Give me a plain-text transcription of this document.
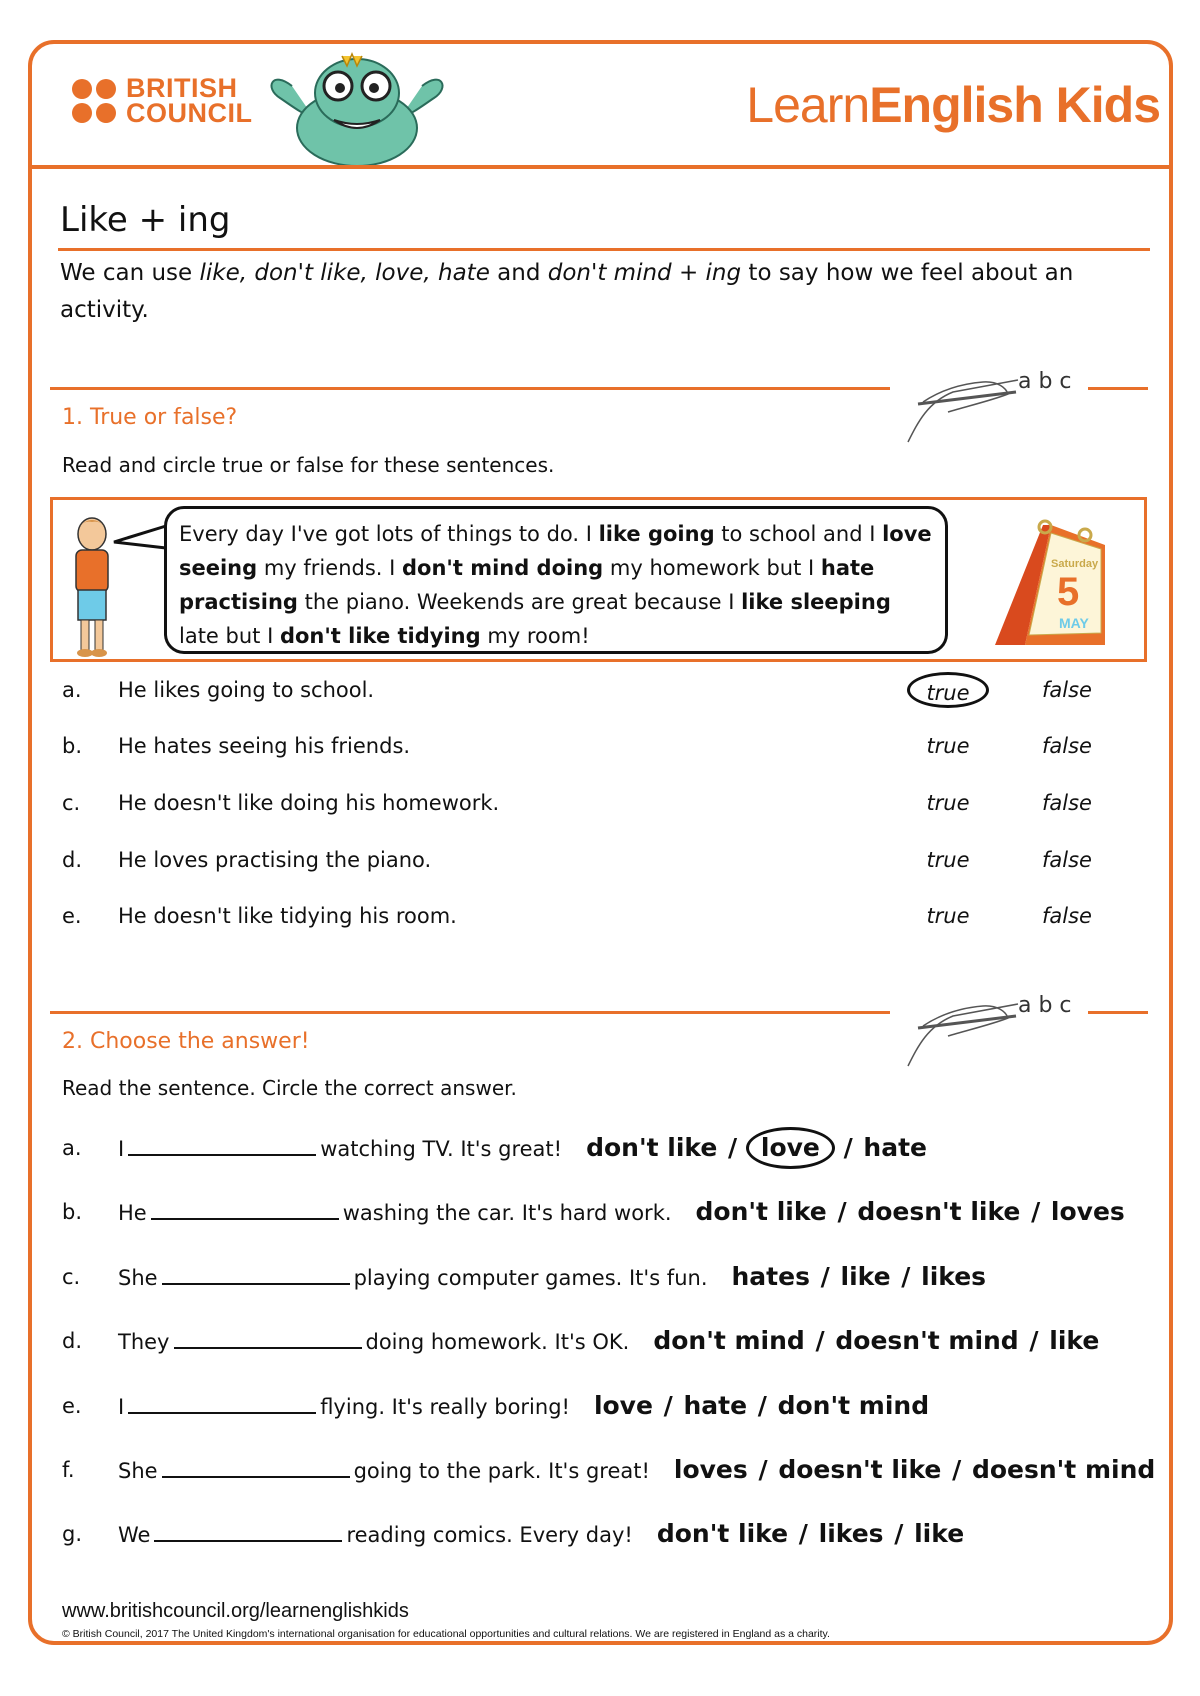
BRITISH
COUNCIL	LearnEnglish Kids
Like + ing
We can use like, don't like, love, hate and don't mind + ing to say how we feel about an activity.
a b c
1. True or false?
Read and circle true or false for these sentences.
Every day I've got lots of things to do. I like going to school and I love seeing my friends. I don't mind doing my homework but I hate practising the piano. Weekends are great because I like sleeping late but I don't like tidying my room!
Saturday
5
MAY
a. He likes going to school.	true	false
b. He hates seeing his friends.	true	false
c. He doesn't like doing his homework.	true	false
d. He loves practising the piano.	true	false
e. He doesn't like tidying his room.	true	false
a b c
2. Choose the answer!
Read the sentence. Circle the correct answer.
a. I	watching TV. It's great! don't like / love / hate
b. He	washing the car. It's hard work. don't like / doesn't like / loves
c. She	playing computer games. It's fun. hates / like / likes
d. They	doing homework. It's OK. don't mind / doesn't mind / like
e. I	flying. It's really boring! love / hate / don't mind
f. She	going to the park. It's great! loves / doesn't like / doesn't mind
g. We	reading comics. Every day! don't like / likes / like
www.britishcouncil.org/learnenglishkids
© British Council, 2017 The United Kingdom's international organisation for educational opportunities and cultural relations. We are registered in England as a charity.
